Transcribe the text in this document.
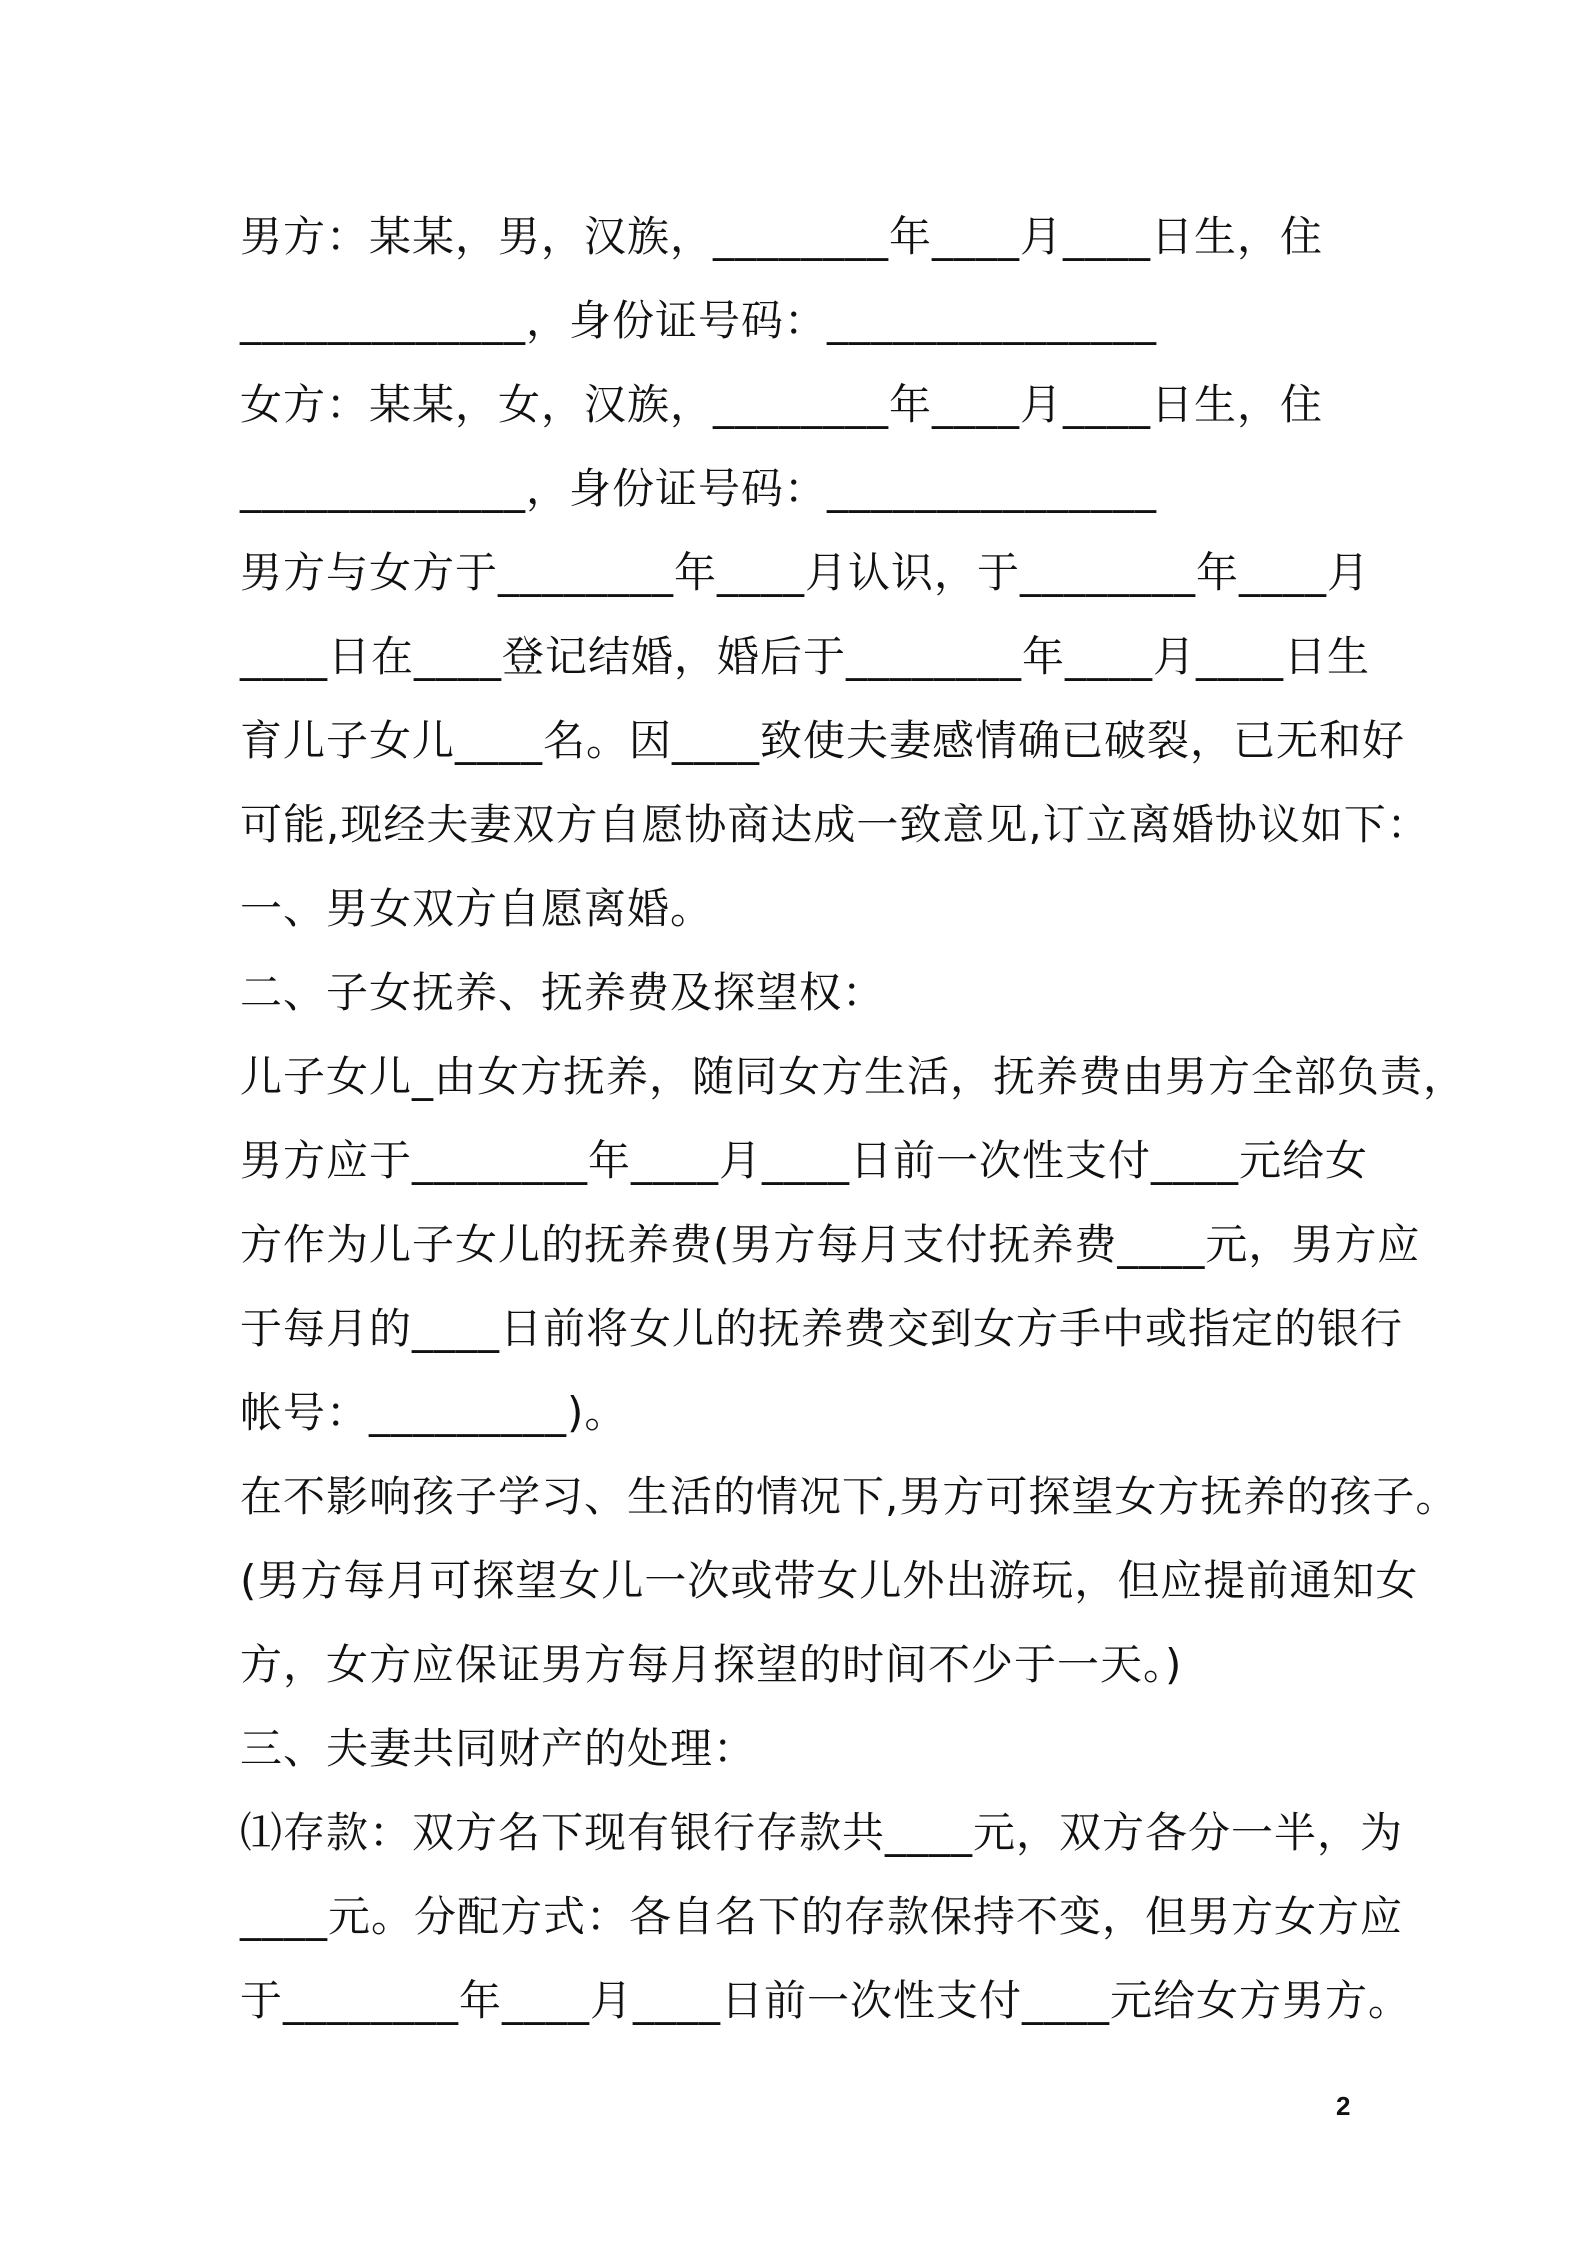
男方：某某，男，汉族，________年____月____日生，住
_____________，身份证号码：_______________
女方：某某，女，汉族，________年____月____日生，住
_____________，身份证号码：_______________
男方与女方于________年____月认识，于________年____月
____日在____登记结婚，婚后于________年____月____日生
育儿子女儿____名。因____致使夫妻感情确已破裂，已无和好
可能,现经夫妻双方自愿协商达成一致意见,订立离婚协议如下：
一、男女双方自愿离婚。
二、子女抚养、抚养费及探望权：
儿子女儿_由女方抚养，随同女方生活，抚养费由男方全部负责，
男方应于________年____月____日前一次性支付____元给女
方作为儿子女儿的抚养费(男方每月支付抚养费____元，男方应
于每月的____日前将女儿的抚养费交到女方手中或指定的银行
帐号：_________)。
在不影响孩子学习、生活的情况下,男方可探望女方抚养的孩子。
(男方每月可探望女儿一次或带女儿外出游玩，但应提前通知女
方，女方应保证男方每月探望的时间不少于一天。)
三、夫妻共同财产的处理：
⑴存款：双方名下现有银行存款共____元，双方各分一半，为
____元。分配方式：各自名下的存款保持不变，但男方女方应
于________年____月____日前一次性支付____元给女方男方。
2
